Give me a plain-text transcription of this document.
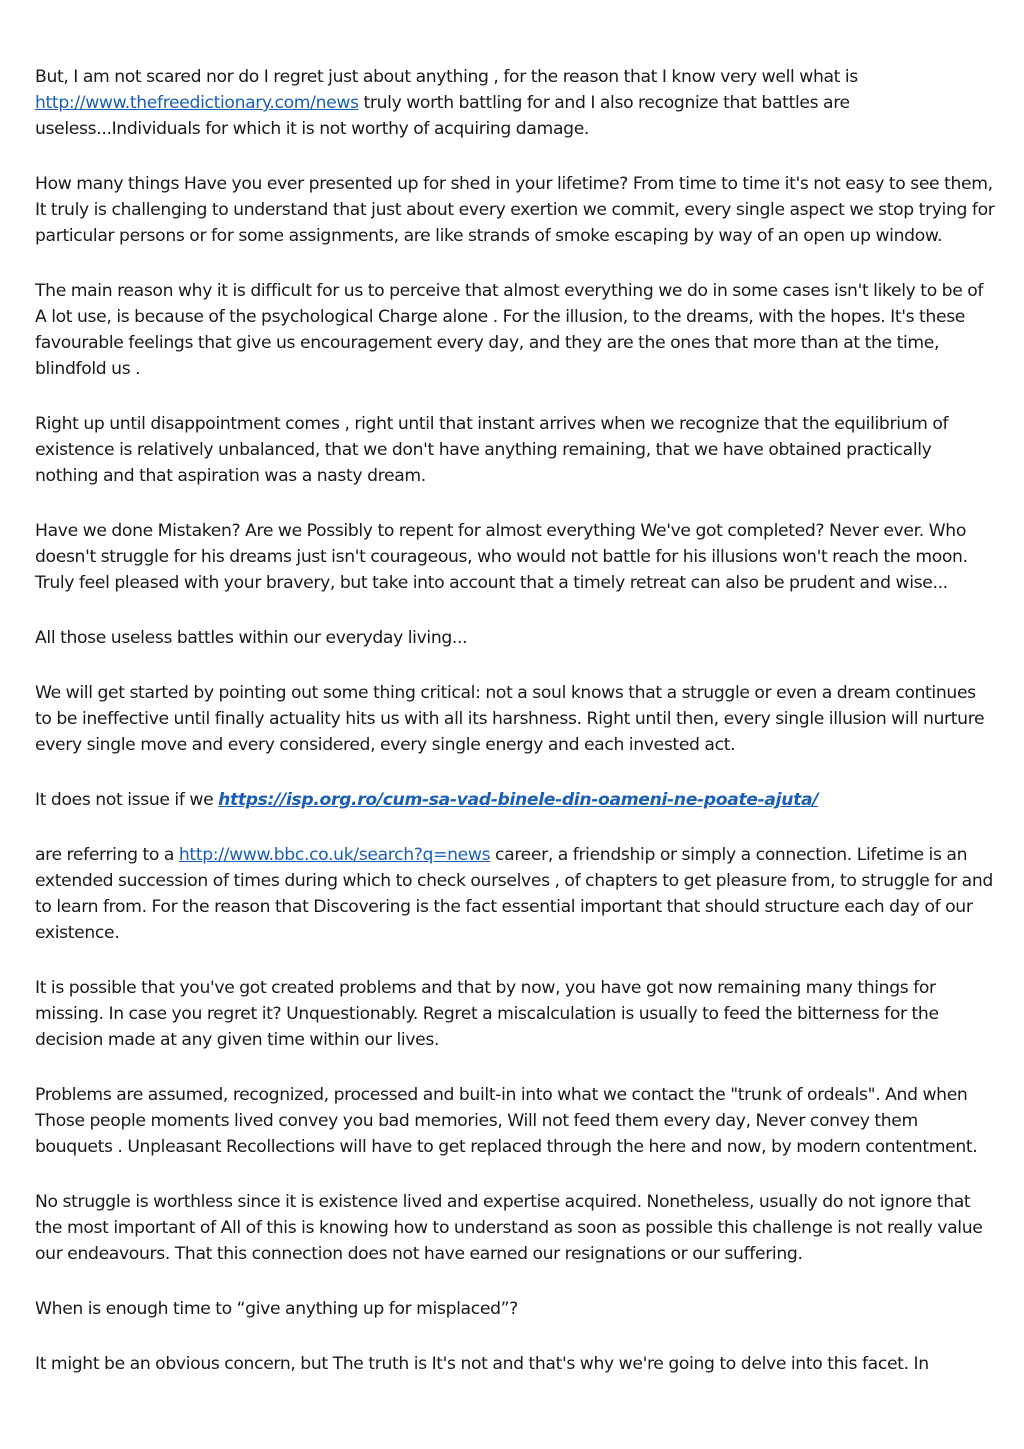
But, I am not scared nor do I regret just about anything , for the reason that I know very well what is http://www.thefreedictionary.com/news truly worth battling for and I also recognize that battles are useless...Individuals for which it is not worthy of acquiring damage.

How many things Have you ever presented up for shed in your lifetime? From time to time it's not easy to see them, It truly is challenging to understand that just about every exertion we commit, every single aspect we stop trying for particular persons or for some assignments, are like strands of smoke escaping by way of an open up window.

The main reason why it is difficult for us to perceive that almost everything we do in some cases isn't likely to be of A lot use, is because of the psychological Charge alone . For the illusion, to the dreams, with the hopes. It's these favourable feelings that give us encouragement every day, and they are the ones that more than at the time, blindfold us .

Right up until disappointment comes , right until that instant arrives when we recognize that the equilibrium of existence is relatively unbalanced, that we don't have anything remaining, that we have obtained practically nothing and that aspiration was a nasty dream.

Have we done Mistaken? Are we Possibly to repent for almost everything We've got completed? Never ever. Who doesn't struggle for his dreams just isn't courageous, who would not battle for his illusions won't reach the moon. Truly feel pleased with your bravery, but take into account that a timely retreat can also be prudent and wise...

All those useless battles within our everyday living...

We will get started by pointing out some thing critical: not a soul knows that a struggle or even a dream continues to be ineffective until finally actuality hits us with all its harshness. Right until then, every single illusion will nurture every single move and every considered, every single energy and each invested act.

It does not issue if we https://isp.org.ro/cum-sa-vad-binele-din-oameni-ne-poate-ajuta/

are referring to a http://www.bbc.co.uk/search?q=news career, a friendship or simply a connection. Lifetime is an extended succession of times during which to check ourselves , of chapters to get pleasure from, to struggle for and to learn from. For the reason that Discovering is the fact essential important that should structure each day of our existence.

It is possible that you've got created problems and that by now, you have got now remaining many things for missing. In case you regret it? Unquestionably. Regret a miscalculation is usually to feed the bitterness for the decision made at any given time within our lives.

Problems are assumed, recognized, processed and built-in into what we contact the "trunk of ordeals". And when Those people moments lived convey you bad memories, Will not feed them every day, Never convey them bouquets . Unpleasant Recollections will have to get replaced through the here and now, by modern contentment.

No struggle is worthless since it is existence lived and expertise acquired. Nonetheless, usually do not ignore that the most important of All of this is knowing how to understand as soon as possible this challenge is not really value our endeavours. That this connection does not have earned our resignations or our suffering.

When is enough time to “give anything up for misplaced”?

It might be an obvious concern, but The truth is It's not and that's why we're going to delve into this facet. In
